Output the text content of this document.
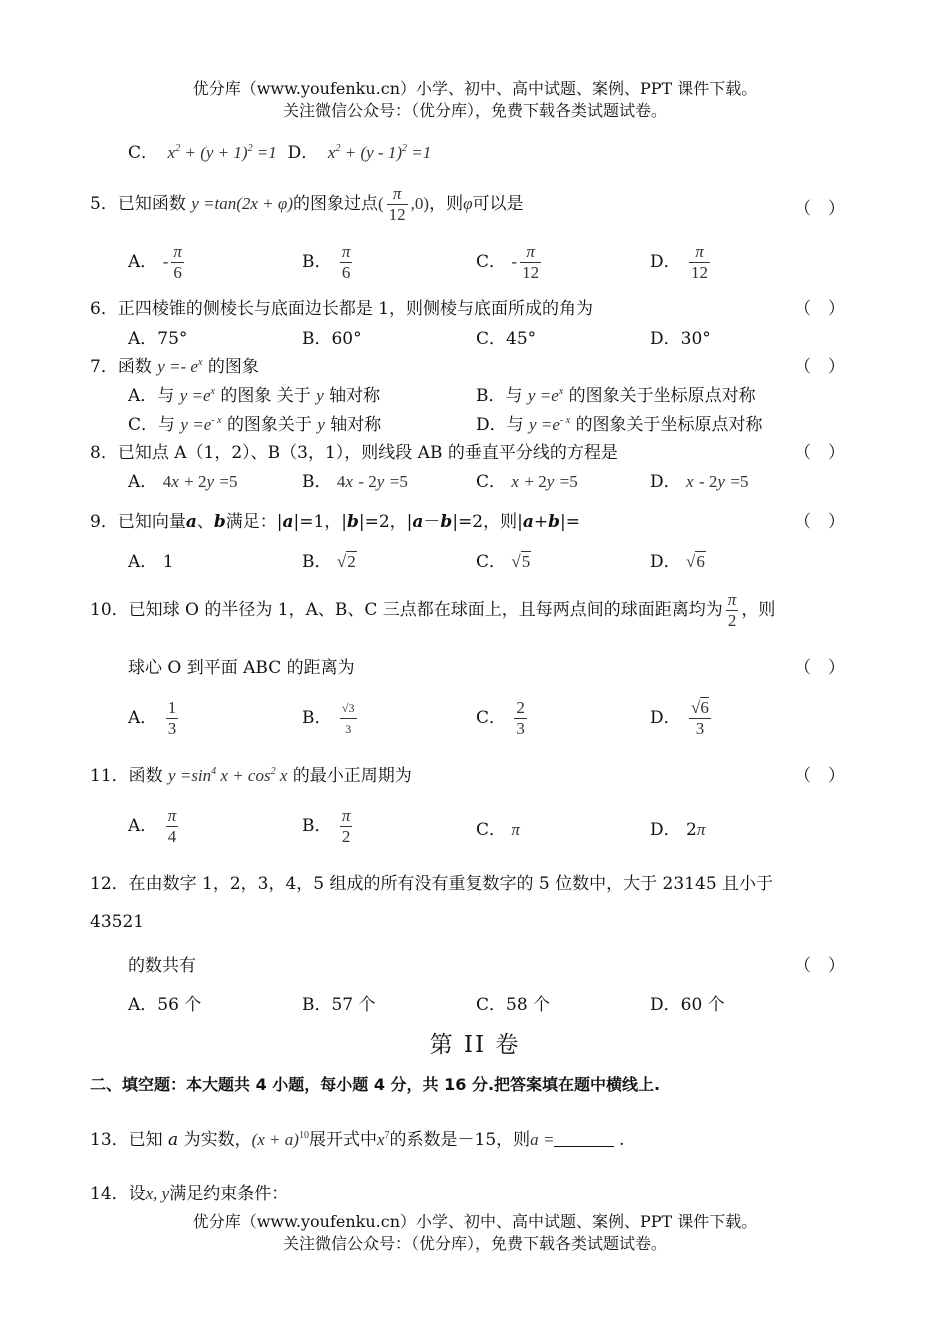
优分库（www.youfenku.cn）小学、初中、高中试题、案例、PPT 课件下载。
关注微信公众号：（优分库），免费下载各类试题试卷。
C．  $x^2 + (y + 1)^2 =1$ D．  $x^2 + (y - 1)^2 =1$
5．已知函数 y =tan(2x + φ)的图象过点( $\frac{\pi}{12} ,0$)，则φ可以是	（　）
A． - $\frac{\pi}{6}$	B． $\frac{\pi}{6}$	C． - $\frac{\pi}{12}$	D． $\frac{\pi}{12}$
6．正四棱锥的侧棱长与底面边长都是 1，则侧棱与底面所成的角为	（　）
A．75°	B．60°	C．45°	D．30°
7．函数 $y =- e^x$ 的图象	（　）
A．与 $y =e^x$ 的图象 关于 y 轴对称	B．与 $y =e^x$ 的图象关于坐标原点对称
C．与 $y =e^{- x}$ 的图象关于 y 轴对称	D．与 $y =e^{- x}$ 的图象关于坐标原点对称
8．已知点 A（1，2）、B（3，1），则线段 AB 的垂直平分线的方程是	（　）
A． 4x + 2y =5	B． 4x - 2y =5	C． x + 2y =5	D． x - 2y =5
9．已知向量a、b满足：|a|=1，|b|=2，|a－b|=2，则|a+b|=	（　）
A． 1	B． √2	C． √5	D． √6
10．已知球 O 的半径为 1，A、B、C 三点都在球面上，且每两点间的球面距离均为 $\frac{\pi}{2}$ ，则
球心 O 到平面 ABC 的距离为	（　）
A． $\frac{1}{3}$	B． $\frac{√3}{3}$	C． $\frac{2}{3}$	D． $\frac{√6}{3}$
11．函数 $y =\sin^4$ $x + \cos^2 x$ 的最小正周期为	（　）
A． $\frac{\pi}{4}$	B． $\frac{\pi}{2}$	C． π	D． 2π
12．在由数字 1，2，3，4，5 组成的所有没有重复数字的 5 位数中，大于 23145 且小于
43521
的数共有	（　）
A．56 个	B．57 个	C．58 个	D．60 个
第 II 卷
二、填空题：本大题共 4 小题，每小题 4 分，共 16 分.把答案填在题中横线上.
13．已知 a 为实数，$(x + a)^{10}$展开式中$x^7$的系数是－15，则a =	.
14．设x, y满足约束条件：
优分库（www.youfenku.cn）小学、初中、高中试题、案例、PPT 课件下载。
关注微信公众号：（优分库），免费下载各类试题试卷。
